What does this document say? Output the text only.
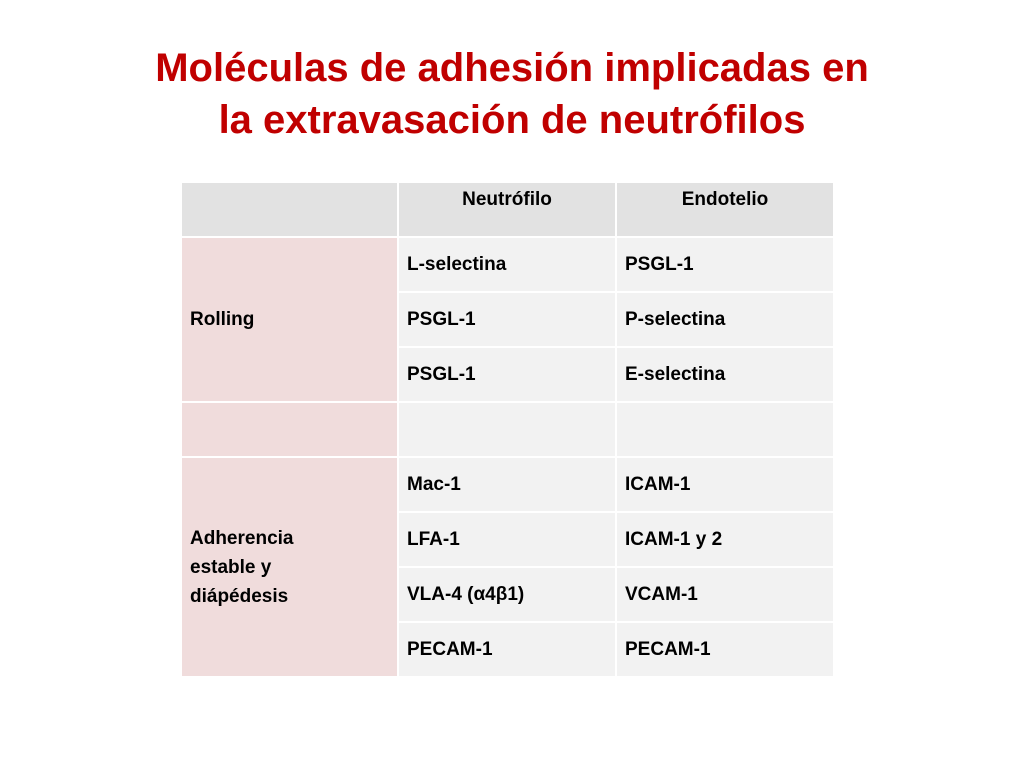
Moléculas de adhesión implicadas en
la extravasación de neutrófilos
	Neutrófilo	Endotelio
Rolling	L-selectina	PSGL-1
	PSGL-1	P-selectina
	PSGL-1	E-selectina

Adherencia
estable y
diápédesis	Mac-1	ICAM-1
	LFA-1	ICAM-1 y 2
	VLA-4 (α4β1)	VCAM-1
	PECAM-1	PECAM-1
